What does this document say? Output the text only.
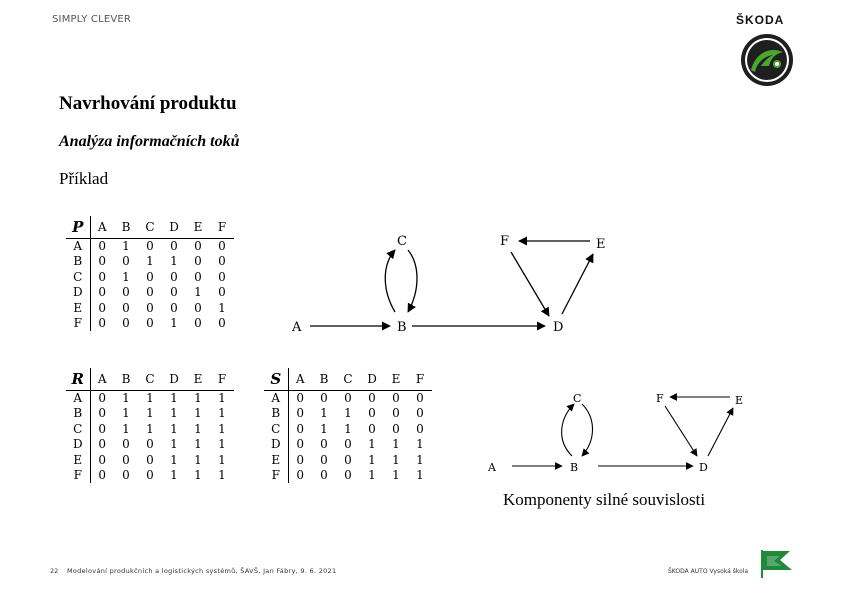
SIMPLY CLEVER	ŠKODA
Navrhování produktu
Analýza informačních toků
Příklad
P	A	B	C	D	E	F
A	0	1	0	0	0	0
B	0	0	1	1	0	0
C	0	1	0	0	0	0
D	0	0	0	0	1	0
E	0	0	0	0	0	1
F	0	0	0	1	0	0
R	A	B	C	D	E	F
A	0	1	1	1	1	1
B	0	1	1	1	1	1
C	0	1	1	1	1	1
D	0	0	0	1	1	1
E	0	0	0	1	1	1
F	0	0	0	1	1	1
S	A	B	C	D	E	F
A	0	0	0	0	0	0
B	0	1	1	0	0	0
C	0	1	1	0	0	0
D	0	0	0	1	1	1
E	0	0	0	1	1	1
F	0	0	0	1	1	1
A	B
C
D
E
F
A	B
C
D
E
F
Komponenty silné souvislosti
22 Modelování produkčních a logistických systémů, ŠAVŠ, Jan Fábry, 9. 6. 2021	ŠKODA AUTO Vysoká škola
